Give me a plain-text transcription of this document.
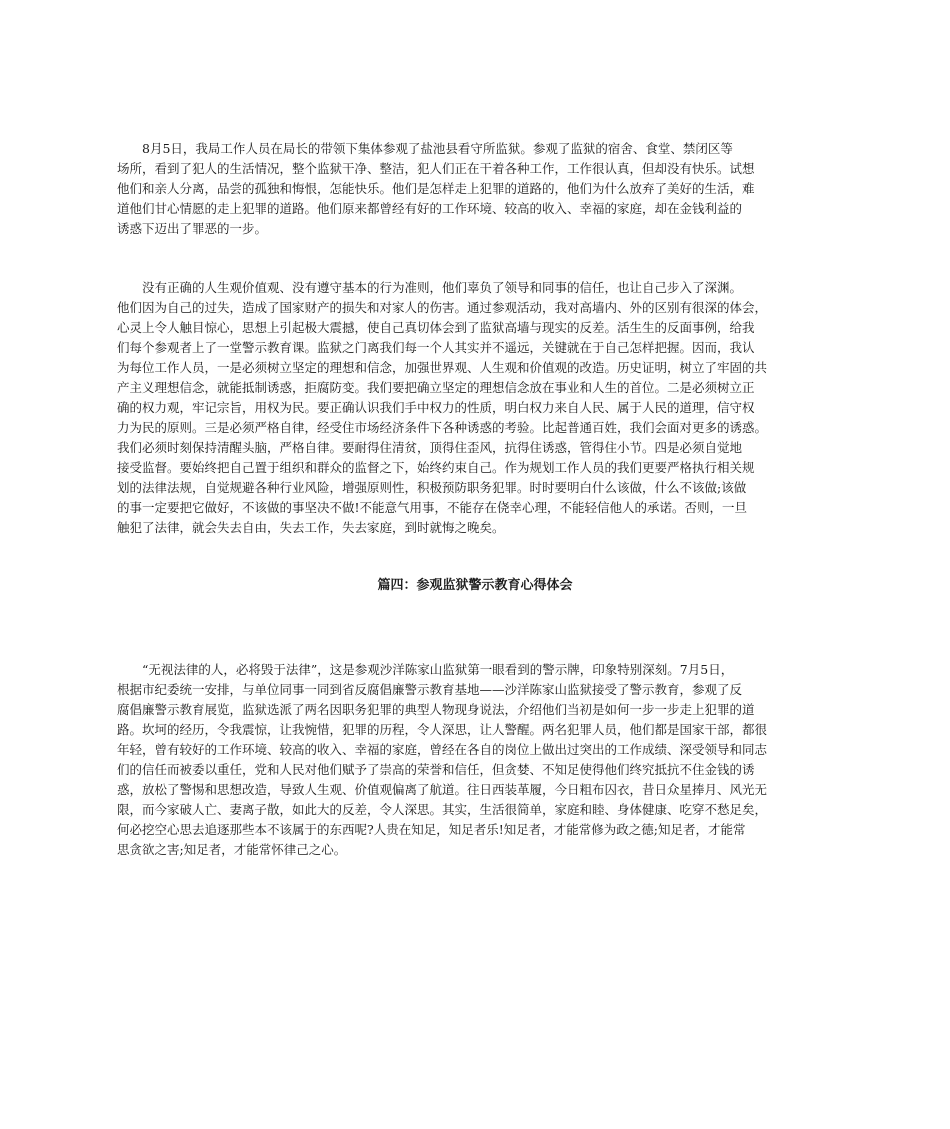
　　8月5日，我局工作人员在局长的带领下集体参观了盐池县看守所监狱。参观了监狱的宿舍、食堂、禁闭区等
场所，看到了犯人的生活情况，整个监狱干净、整洁，犯人们正在干着各种工作，工作很认真，但却没有快乐。试想
他们和亲人分离，品尝的孤独和悔恨，怎能快乐。他们是怎样走上犯罪的道路的，他们为什么放弃了美好的生活，难
道他们甘心情愿的走上犯罪的道路。他们原来都曾经有好的工作环境、较高的收入、幸福的家庭，却在金钱利益的
诱惑下迈出了罪恶的一步。
　　没有正确的人生观价值观、没有遵守基本的行为准则，他们辜负了领导和同事的信任，也让自己步入了深渊。
他们因为自己的过失，造成了国家财产的损失和对家人的伤害。通过参观活动，我对高墙内、外的区别有很深的体会，
心灵上令人触目惊心，思想上引起极大震撼，使自己真切体会到了监狱高墙与现实的反差。活生生的反面事例，给我
们每个参观者上了一堂警示教育课。监狱之门离我们每一个人其实并不遥远，关键就在于自己怎样把握。因而，我认
为每位工作人员，一是必须树立坚定的理想和信念，加强世界观、人生观和价值观的改造。历史证明，树立了牢固的共
产主义理想信念，就能抵制诱惑，拒腐防变。我们要把确立坚定的理想信念放在事业和人生的首位。二是必须树立正
确的权力观，牢记宗旨，用权为民。要正确认识我们手中权力的性质，明白权力来自人民、属于人民的道理，信守权
力为民的原则。三是必须严格自律，经受住市场经济条件下各种诱惑的考验。比起普通百姓，我们会面对更多的诱惑。
我们必须时刻保持清醒头脑，严格自律。要耐得住清贫，顶得住歪风，抗得住诱惑，管得住小节。四是必须自觉地
接受监督。要始终把自己置于组织和群众的监督之下，始终约束自己。作为规划工作人员的我们更要严格执行相关规
划的法律法规，自觉规避各种行业风险，增强原则性，积极预防职务犯罪。时时要明白什么该做，什么不该做;该做
的事一定要把它做好，不该做的事坚决不做!不能意气用事，不能存在侥幸心理，不能轻信他人的承诺。否则，一旦
触犯了法律，就会失去自由，失去工作，失去家庭，到时就悔之晚矣。
篇四：参观监狱警示教育心得体会
　　“无视法律的人，必将毁于法律”，这是参观沙洋陈家山监狱第一眼看到的警示牌，印象特别深刻。7月5日，
根据市纪委统一安排，与单位同事一同到省反腐倡廉警示教育基地——沙洋陈家山监狱接受了警示教育，参观了反
腐倡廉警示教育展览，监狱选派了两名因职务犯罪的典型人物现身说法，介绍他们当初是如何一步一步走上犯罪的道
路。坎坷的经历，令我震惊，让我惋惜，犯罪的历程，令人深思，让人警醒。两名犯罪人员，他们都是国家干部，都很
年轻，曾有较好的工作环境、较高的收入、幸福的家庭，曾经在各自的岗位上做出过突出的工作成绩、深受领导和同志
们的信任而被委以重任，党和人民对他们赋予了崇高的荣誉和信任，但贪婪、不知足使得他们终究抵抗不住金钱的诱
惑，放松了警惕和思想改造，导致人生观、价值观偏离了航道。往日西装革履，今日粗布囚衣，昔日众星捧月、风光无
限，而今家破人亡、妻离子散，如此大的反差，令人深思。其实，生活很简单，家庭和睦、身体健康、吃穿不愁足矣，
何必挖空心思去追逐那些本不该属于的东西呢?人贵在知足，知足者乐!知足者，才能常修为政之德;知足者，才能常
思贪欲之害;知足者，才能常怀律己之心。
